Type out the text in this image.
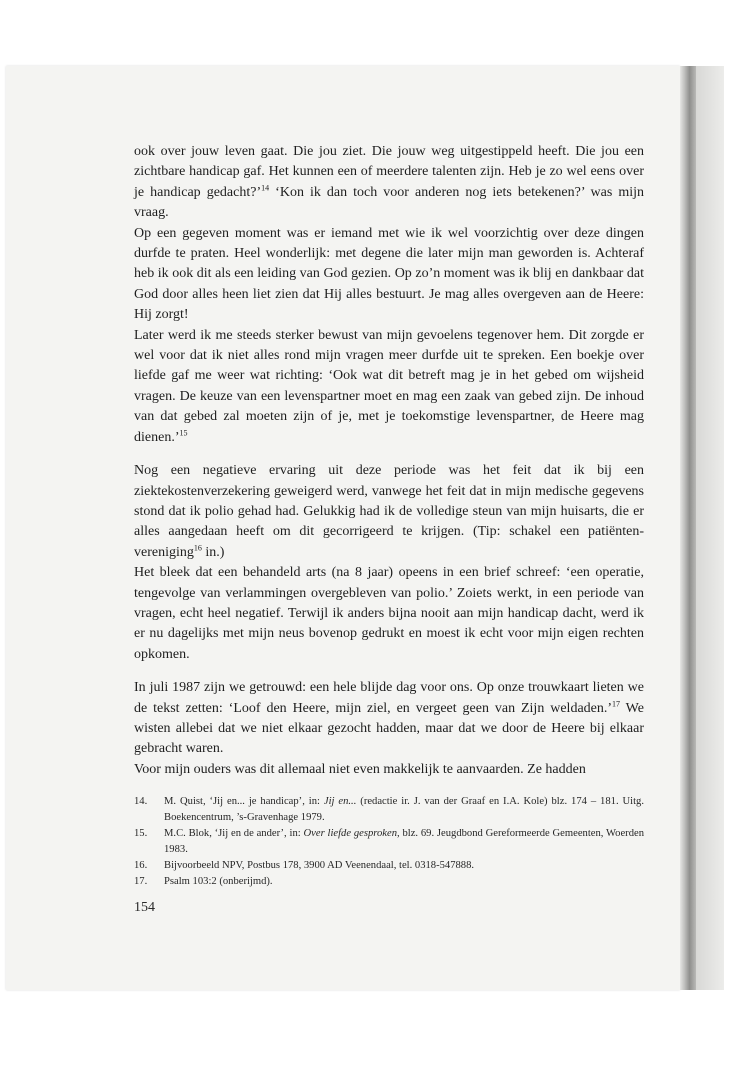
ook over jouw leven gaat. Die jou ziet. Die jouw weg uitgestippeld heeft. Die jou een zichtbare handicap gaf. Het kunnen een of meerdere talenten zijn. Heb je zo wel eens over je handicap gedacht?’$^{14}$ ‘Kon ik dan toch voor anderen nog iets betekenen?’ was mijn vraag.

Op een gegeven moment was er iemand met wie ik wel voorzichtig over deze dingen durfde te praten. Heel wonderlijk: met degene die later mijn man geworden is. Achteraf heb ik ook dit als een leiding van God gezien. Op zo’n moment was ik blij en dankbaar dat God door alles heen liet zien dat Hij alles bestuurt. Je mag alles overgeven aan de Heere: Hij zorgt!

Later werd ik me steeds sterker bewust van mijn gevoelens tegenover hem. Dit zorgde er wel voor dat ik niet alles rond mijn vragen meer durfde uit te spreken. Een boekje over liefde gaf me weer wat richting: ‘Ook wat dit betreft mag je in het gebed om wijsheid vragen. De keuze van een levenspartner moet en mag een zaak van gebed zijn. De inhoud van dat gebed zal moeten zijn of je, met je toekomstige levenspartner, de Heere mag dienen.’$^{15}$

Nog een negatieve ervaring uit deze periode was het feit dat ik bij een ziektekostenverzekering geweigerd werd, vanwege het feit dat in mijn medische gegevens stond dat ik polio gehad had. Gelukkig had ik de volledige steun van mijn huisarts, die er alles aangedaan heeft om dit gecorrigeerd te krijgen. (Tip: schakel een patiënten-vereniging$^{16}$ in.)

Het bleek dat een behandeld arts (na 8 jaar) opeens in een brief schreef: ‘een operatie, tengevolge van verlammingen overgebleven van polio.’ Zoiets werkt, in een periode van vragen, echt heel negatief. Terwijl ik anders bijna nooit aan mijn handicap dacht, werd ik er nu dagelijks met mijn neus bovenop gedrukt en moest ik echt voor mijn eigen rechten opkomen.

In juli 1987 zijn we getrouwd: een hele blijde dag voor ons. Op onze trouwkaart lieten we de tekst zetten: ‘Loof den Heere, mijn ziel, en vergeet geen van Zijn weldaden.’$^{17}$ We wisten allebei dat we niet elkaar gezocht hadden, maar dat we door de Heere bij elkaar gebracht waren.

Voor mijn ouders was dit allemaal niet even makkelijk te aanvaarden. Ze hadden

14.	M. Quist, ‘Jij en... je handicap’, in: Jij en... (redactie ir. J. van der Graaf en I.A. Kole) blz. 174 – 181. Uitg. Boekencentrum, ’s-Gravenhage 1979.
15.	M.C. Blok, ‘Jij en de ander’, in: Over liefde gesproken, blz. 69. Jeugdbond Gereformeerde Gemeenten, Woerden 1983.
16.	Bijvoorbeeld NPV, Postbus 178, 3900 AD Veenendaal, tel. 0318-547888.
17.	Psalm 103:2 (onberijmd).
154
